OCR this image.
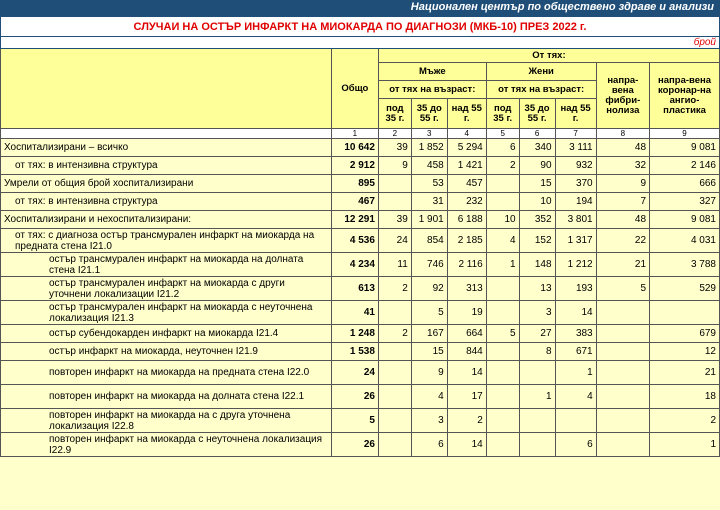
Национален център по обществено здраве и анализи
СЛУЧАИ НА ОСТЪР ИНФАРКТ НА МИОКАРДА ПО ДИАГНОЗИ (МКБ-10) ПРЕЗ 2022 г.									

брой									

	Общо	От тях:							
		Мъже			Жени			напра-вена фибри-нолиза	напра-вена коронар-на ангио-пластика
		от тях на възраст:			от тях на възраст:				
		под 35 г.	35 до 55 г.	над 55 г.	под 35 г.	35 до 55 г.	над 55 г.		
	1	2	3	4	5	6	7	8	9
Хоспитализирани – всичко	10 642	39	1 852	5 294	6	340	3 111	48	9 081
от тях: в интензивна структура	2 912	9	458	1 421	2	90	932	32	2 146
Умрели от общия брой хоспитализирани	895		53	457		15	370	9	666
от тях: в интензивна структура	467		31	232		10	194	7	327
Хоспитализирани и нехоспитализирани:	12 291	39	1 901	6 188	10	352	3 801	48	9 081
от тях: с диагноза остър трансмурален инфаркт на миокарда на предната стена I21.0	4 536	24	854	2 185	4	152	1 317	22	4 031
остър трансмурален инфаркт на миокарда на долната стена I21.1	4 234	11	746	2 116	1	148	1 212	21	3 788
остър трансмурален инфаркт на миокарда с други уточнени локализации I21.2	613	2	92	313		13	193	5	529
остър трансмурален инфаркт на миокарда с неуточнена локализация I21.3	41		5	19		3	14		
остър субендокарден инфаркт на миокарда I21.4	1 248	2	167	664	5	27	383		679
остър инфаркт на миокарда, неуточнен I21.9	1 538		15	844		8	671		12
повторен инфаркт на миокарда на предната стена I22.0	24		9	14			1		21
повторен инфаркт на миокарда на долната стена I22.1	26		4	17		1	4		18
повторен инфаркт на миокарда на с друга уточнена локализация I22.8	5		3	2					2
повторен инфаркт на миокарда с неуточнена локализация I22.9	26		6	14			6		1
